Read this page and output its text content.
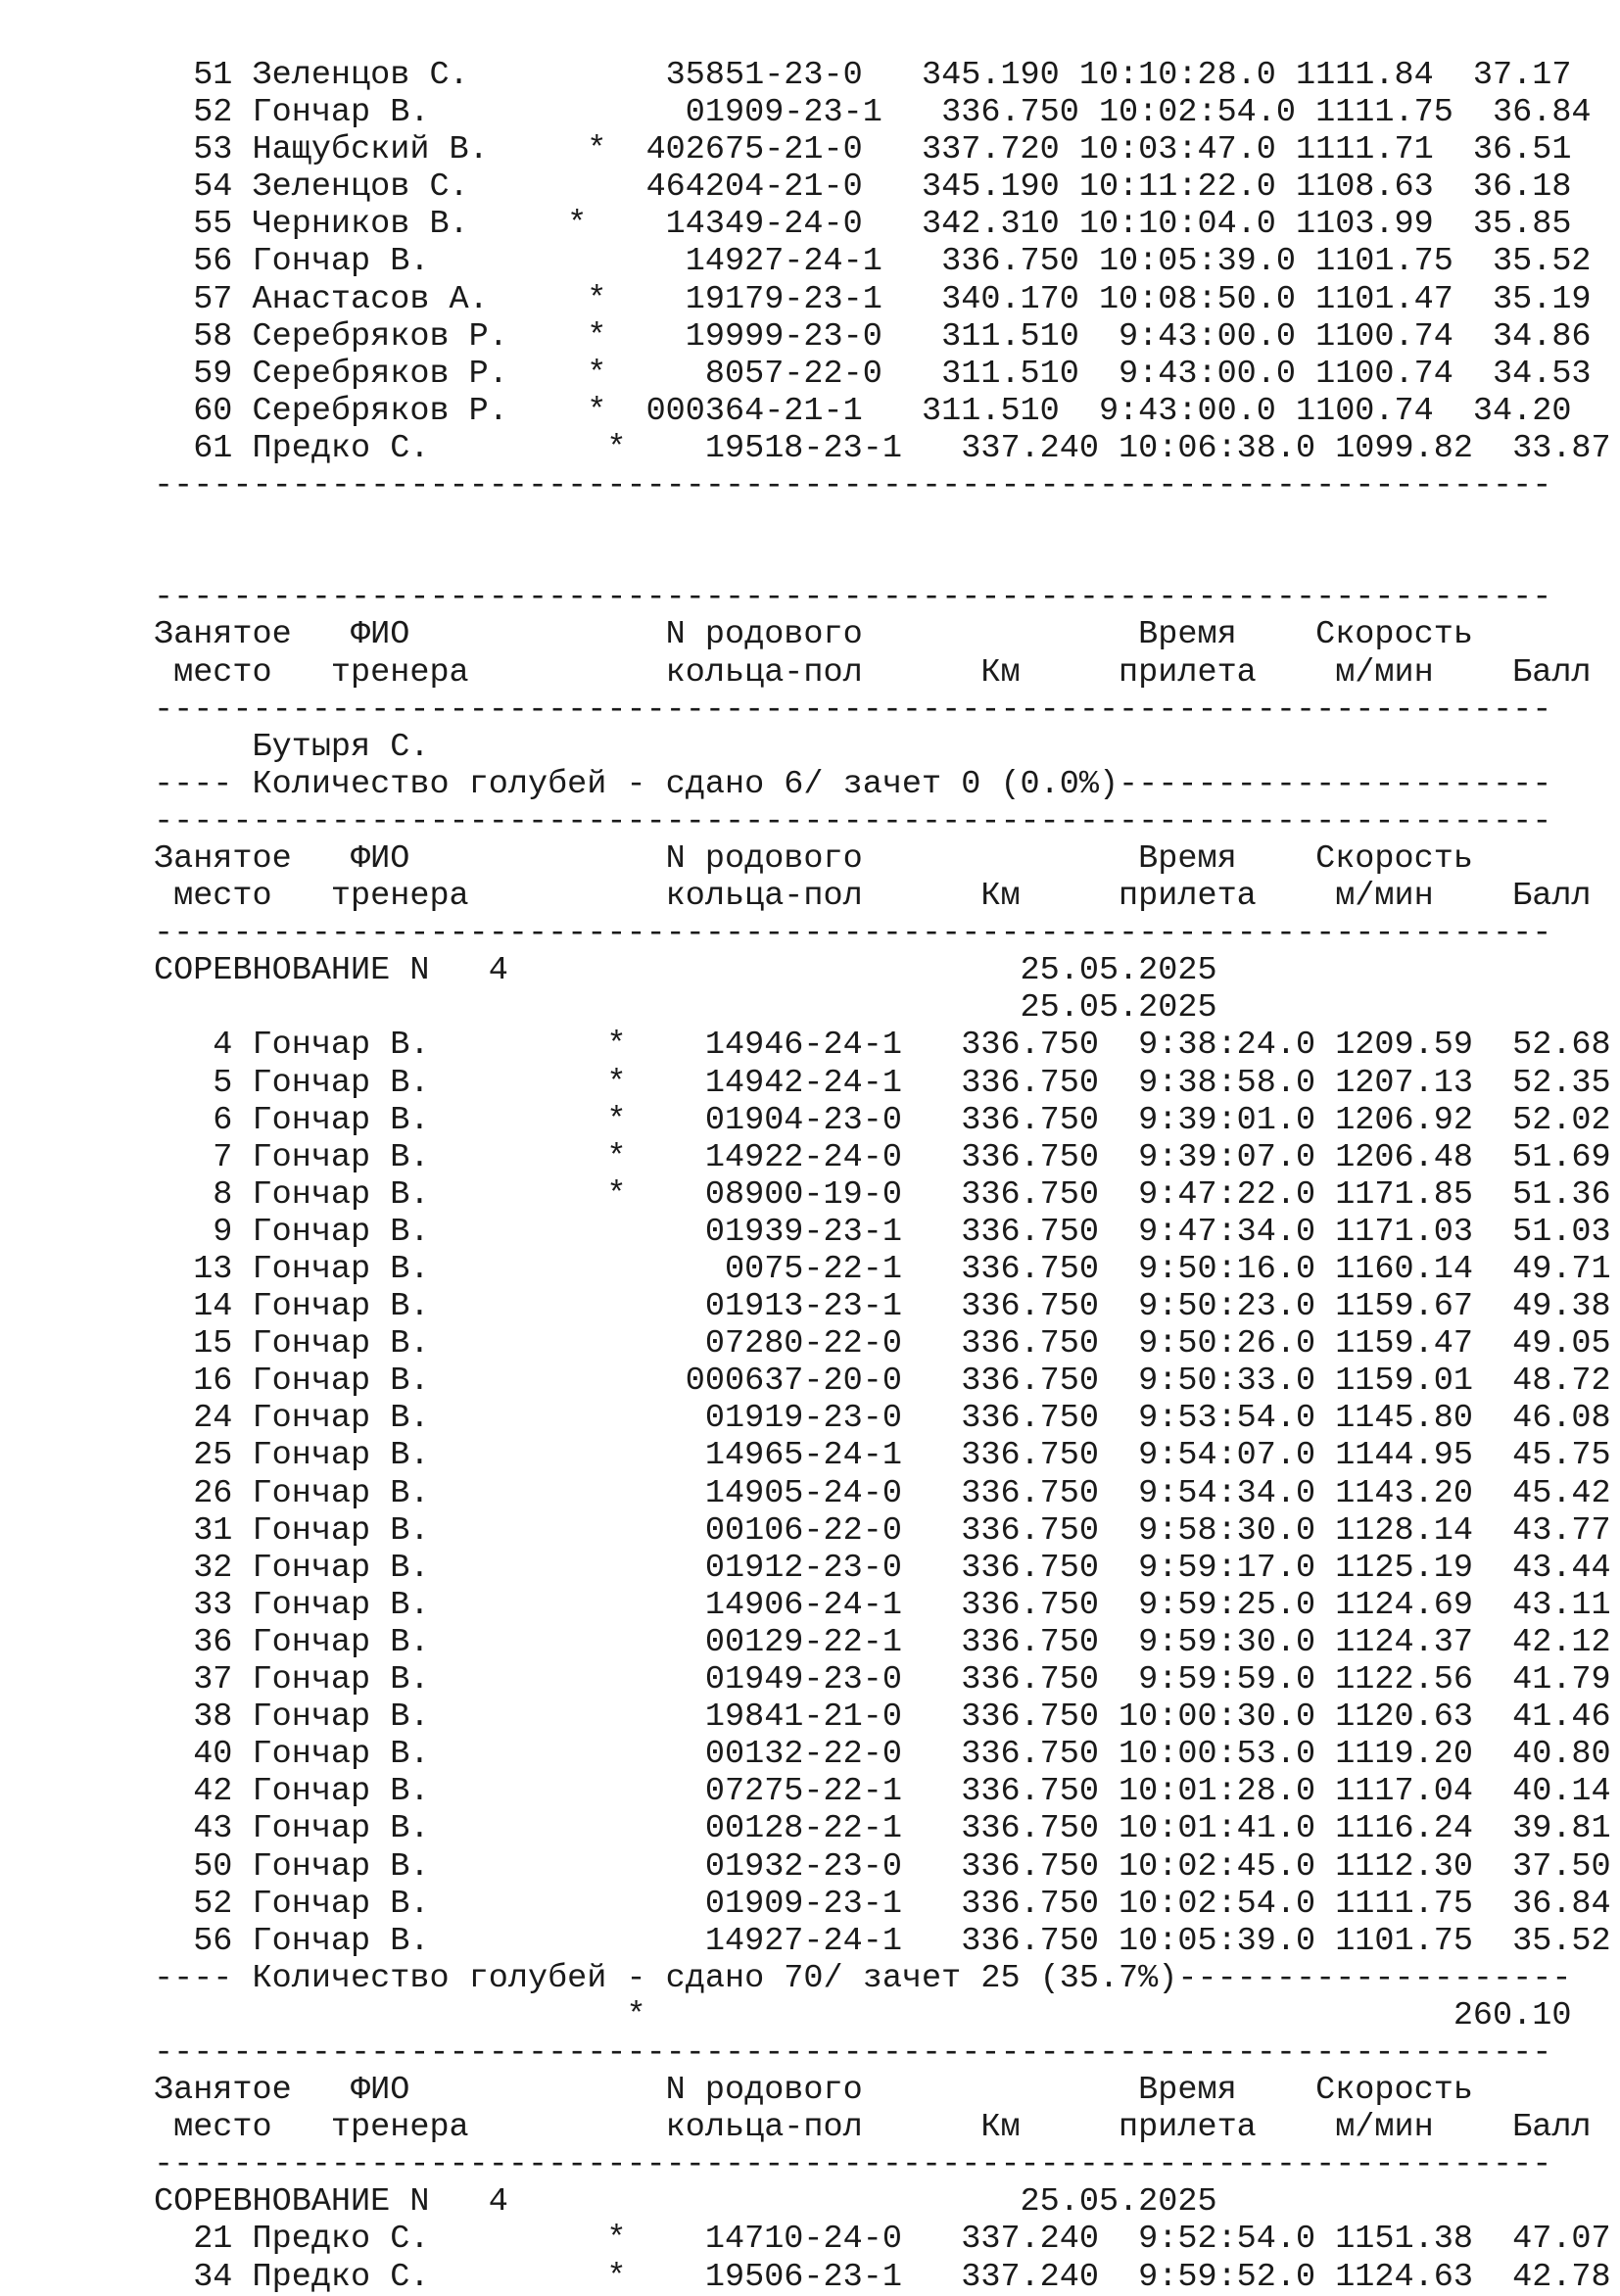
51 Зеленцов С.          35851-23-0   345.190 10:10:28.0 1111.84  37.17
52 Гончар В.             01909-23-1   336.750 10:02:54.0 1111.75  36.84
53 Нащубский В.     *  402675-21-0   337.720 10:03:47.0 1111.71  36.51
54 Зеленцов С.         464204-21-0   345.190 10:11:22.0 1108.63  36.18
55 Черников В.     *    14349-24-0   342.310 10:10:04.0 1103.99  35.85
56 Гончар В.             14927-24-1   336.750 10:05:39.0 1101.75  35.52
57 Анастасов А.     *    19179-23-1   340.170 10:08:50.0 1101.47  35.19
58 Серебряков Р.    *    19999-23-0   311.510  9:43:00.0 1100.74  34.86
59 Серебряков Р.    *     8057-22-0   311.510  9:43:00.0 1100.74  34.53
60 Серебряков Р.    *  000364-21-1   311.510  9:43:00.0 1100.74  34.20
61 Предко С.         *    19518-23-1   337.240 10:06:38.0 1099.82  33.87
-----------------------------------------------------------------------
-----------------------------------------------------------------------
Занятое   ФИО             N родового              Время    Скорость
место   тренера          кольца-пол      Км     прилета    м/мин    Балл
-----------------------------------------------------------------------
Бутыря С.
---- Количество голубей - сдано 6/ зачет 0 (0.0%)----------------------
-----------------------------------------------------------------------
Занятое   ФИО             N родового              Время    Скорость
место   тренера          кольца-пол      Км     прилета    м/мин    Балл
-----------------------------------------------------------------------
СОРЕВНОВАНИЕ N   4                          25.05.2025
25.05.2025
4 Гончар В.         *    14946-24-1   336.750  9:38:24.0 1209.59  52.68
5 Гончар В.         *    14942-24-1   336.750  9:38:58.0 1207.13  52.35
6 Гончар В.         *    01904-23-0   336.750  9:39:01.0 1206.92  52.02
7 Гончар В.         *    14922-24-0   336.750  9:39:07.0 1206.48  51.69
8 Гончар В.         *    08900-19-0   336.750  9:47:22.0 1171.85  51.36
9 Гончар В.              01939-23-1   336.750  9:47:34.0 1171.03  51.03
13 Гончар В.               0075-22-1   336.750  9:50:16.0 1160.14  49.71
14 Гончар В.              01913-23-1   336.750  9:50:23.0 1159.67  49.38
15 Гончар В.              07280-22-0   336.750  9:50:26.0 1159.47  49.05
16 Гончар В.             000637-20-0   336.750  9:50:33.0 1159.01  48.72
24 Гончар В.              01919-23-0   336.750  9:53:54.0 1145.80  46.08
25 Гончар В.              14965-24-1   336.750  9:54:07.0 1144.95  45.75
26 Гончар В.              14905-24-0   336.750  9:54:34.0 1143.20  45.42
31 Гончар В.              00106-22-0   336.750  9:58:30.0 1128.14  43.77
32 Гончар В.              01912-23-0   336.750  9:59:17.0 1125.19  43.44
33 Гончар В.              14906-24-1   336.750  9:59:25.0 1124.69  43.11
36 Гончар В.              00129-22-1   336.750  9:59:30.0 1124.37  42.12
37 Гончар В.              01949-23-0   336.750  9:59:59.0 1122.56  41.79
38 Гончар В.              19841-21-0   336.750 10:00:30.0 1120.63  41.46
40 Гончар В.              00132-22-0   336.750 10:00:53.0 1119.20  40.80
42 Гончар В.              07275-22-1   336.750 10:01:28.0 1117.04  40.14
43 Гончар В.              00128-22-1   336.750 10:01:41.0 1116.24  39.81
50 Гончар В.              01932-23-0   336.750 10:02:45.0 1112.30  37.50
52 Гончар В.              01909-23-1   336.750 10:02:54.0 1111.75  36.84
56 Гончар В.              14927-24-1   336.750 10:05:39.0 1101.75  35.52
---- Количество голубей - сдано 70/ зачет 25 (35.7%)--------------------
*                                         260.10
-----------------------------------------------------------------------
Занятое   ФИО             N родового              Время    Скорость
место   тренера          кольца-пол      Км     прилета    м/мин    Балл
-----------------------------------------------------------------------
СОРЕВНОВАНИЕ N   4                          25.05.2025
21 Предко С.         *    14710-24-0   337.240  9:52:54.0 1151.38  47.07
34 Предко С.         *    19506-23-1   337.240  9:59:52.0 1124.63  42.78
